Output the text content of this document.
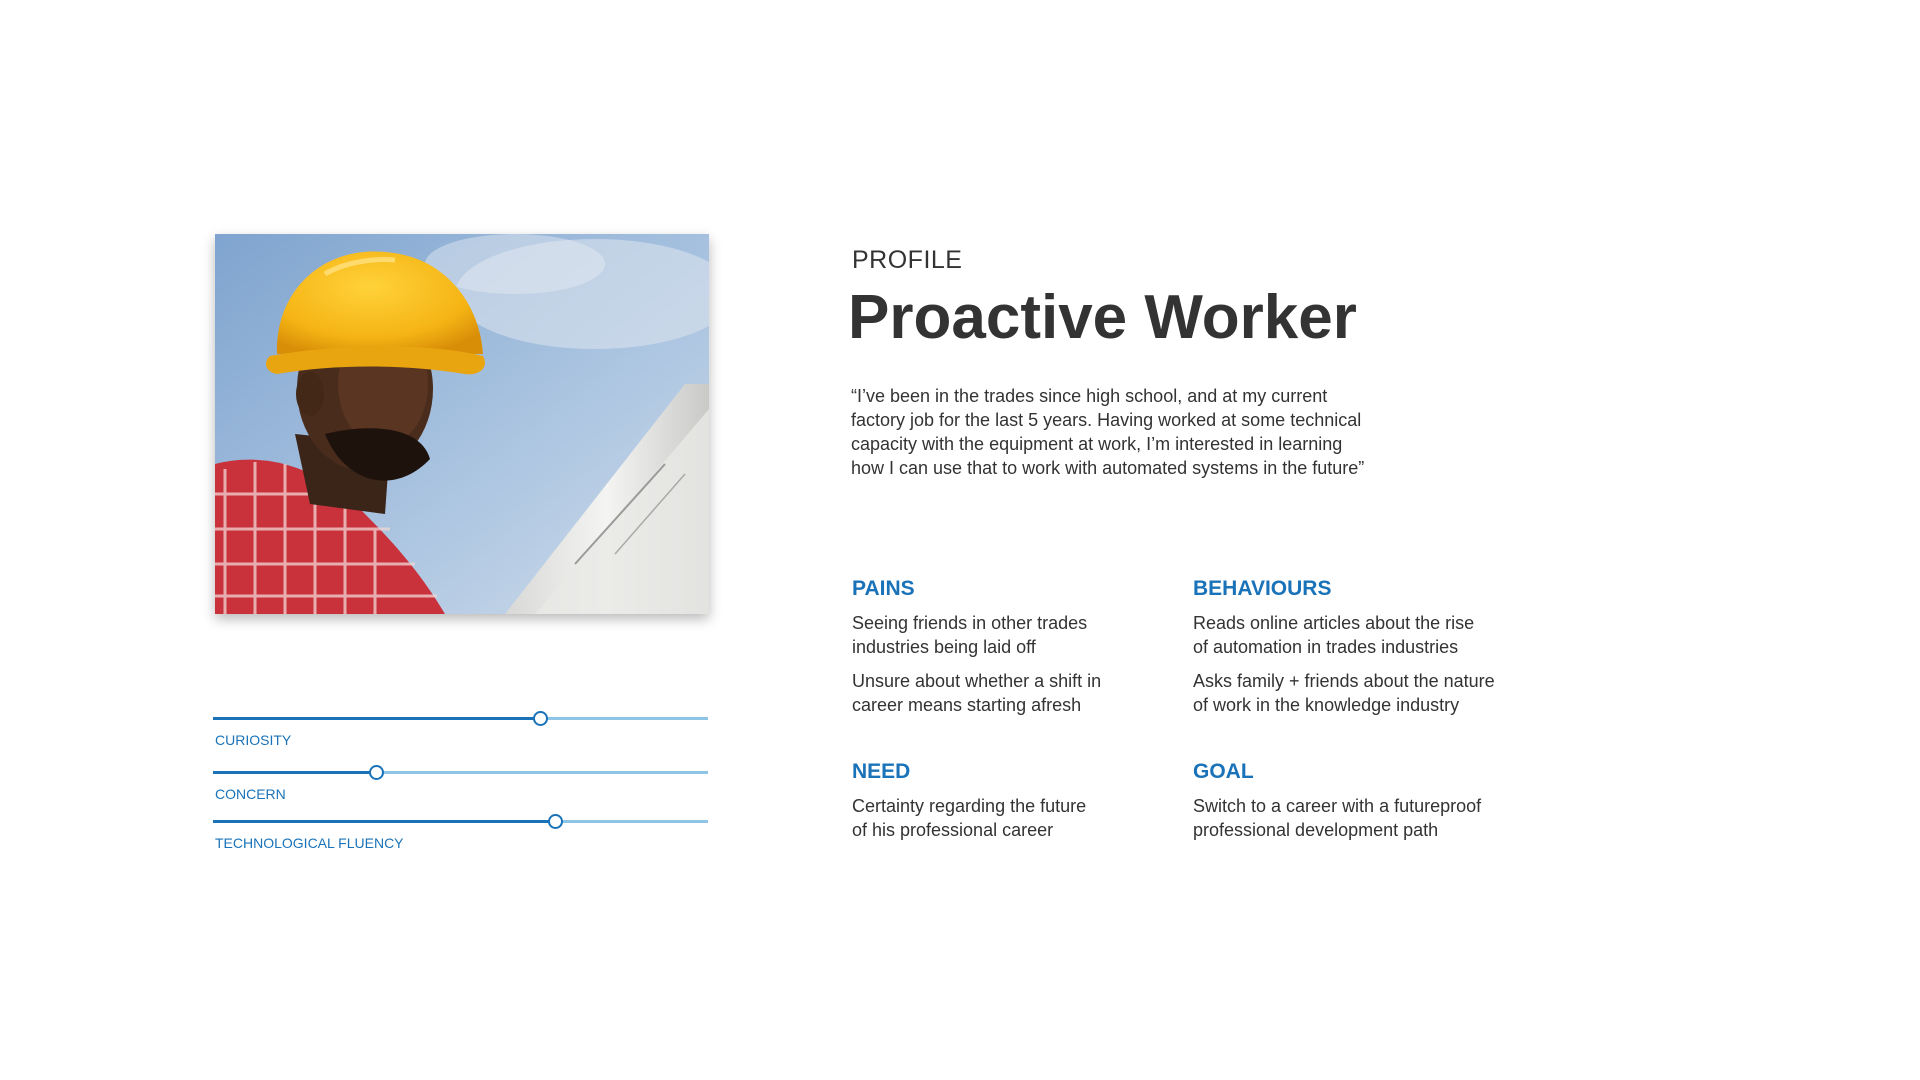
CURIOSITY
CONCERN
TECHNOLOGICAL FLUENCY
PROFILE
Proactive Worker
“I’ve been in the trades since high school, and at my current
factory job for the last 5 years. Having worked at some technical
capacity with the equipment at work, I’m interested in learning
how I can use that to work with automated systems in the future”
PAINS

Seeing friends in other trades
industries being laid off

Unsure about whether a shift in
career means starting afresh

BEHAVIOURS

Reads online articles about the rise
of automation in trades industries

Asks family + friends about the nature
of work in the knowledge industry

NEED

Certainty regarding the future
of his professional career

GOAL

Switch to a career with a futureproof
professional development path
